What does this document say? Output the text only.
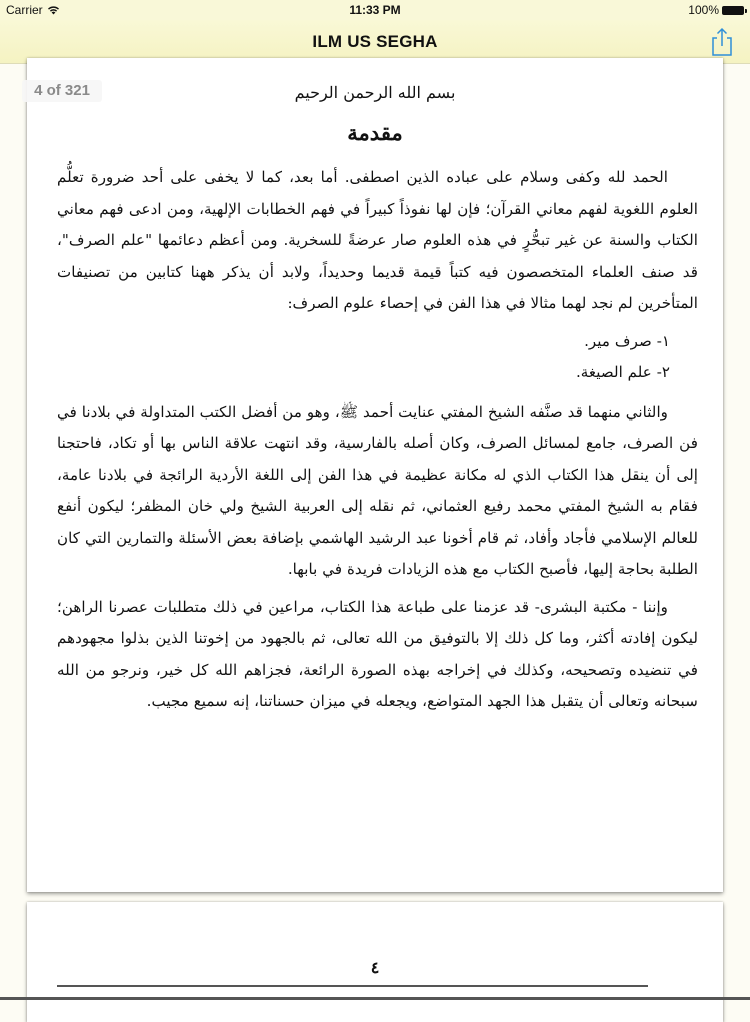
Carrier	11:33 PM	100%
ILM US SEGHA
بسم الله الرحمن الرحيم
مقدمة

الحمد لله وكفى وسلام على عباده الذين اصطفى. أما بعد، كما لا يخفى على أحد ضرورة تعلُّم العلوم اللغوية لفهم معاني القرآن؛ فإن لها نفوذاً كبيراً في فهم الخطابات الإلهية، ومن ادعى فهم معاني الكتاب والسنة عن غير تبحُّرٍ في هذه العلوم صار عرضةً للسخرية. ومن أعظم دعائمها "علم الصرف"، قد صنف العلماء المتخصصون فيه كتباً قيمة قديما وحديداً، ولابد أن يذكر ههنا كتابين من تصنيفات المتأخرين لم نجد لهما مثالا في هذا الفن في إحصاء علوم الصرف:

١- صرف مير.

٢- علم الصيغة.

والثاني منهما قد صنَّفه الشيخ المفتي عنايت أحمد ﷺ، وهو من أفضل الكتب المتداولة في بلادنا في فن الصرف، جامع لمسائل الصرف، وكان أصله بالفارسية، وقد انتهت علاقة الناس بها أو تكاد، فاحتجنا إلى أن ينقل هذا الكتاب الذي له مكانة عظيمة في هذا الفن إلى اللغة الأردية الرائجة في بلادنا عامة، فقام به الشيخ المفتي محمد رفيع العثماني، ثم نقله إلى العربية الشيخ ولي خان المظفر؛ ليكون أنفع للعالم الإسلامي فأجاد وأفاد، ثم قام أخونا عبد الرشيد الهاشمي بإضافة بعض الأسئلة والتمارين التي كان الطلبة بحاجة إليها، فأصبح الكتاب مع هذه الزيادات فريدة في بابها.

وإننا - مكتبة البشرى- قد عزمنا على طباعة هذا الكتاب، مراعين في ذلك متطلبات عصرنا الراهن؛ ليكون إفادته أكثر، وما كل ذلك إلا بالتوفيق من الله تعالى، ثم بالجهود من إخوتنا الذين بذلوا مجهودهم في تنضيده وتصحيحه، وكذلك في إخراجه بهذه الصورة الرائعة، فجزاهم الله كل خير، ونرجو من الله سبحانه وتعالى أن يتقبل هذا الجهد المتواضع، ويجعله في ميزان حسناتنا، إنه سميع مجيب.

4 of 321
٤
